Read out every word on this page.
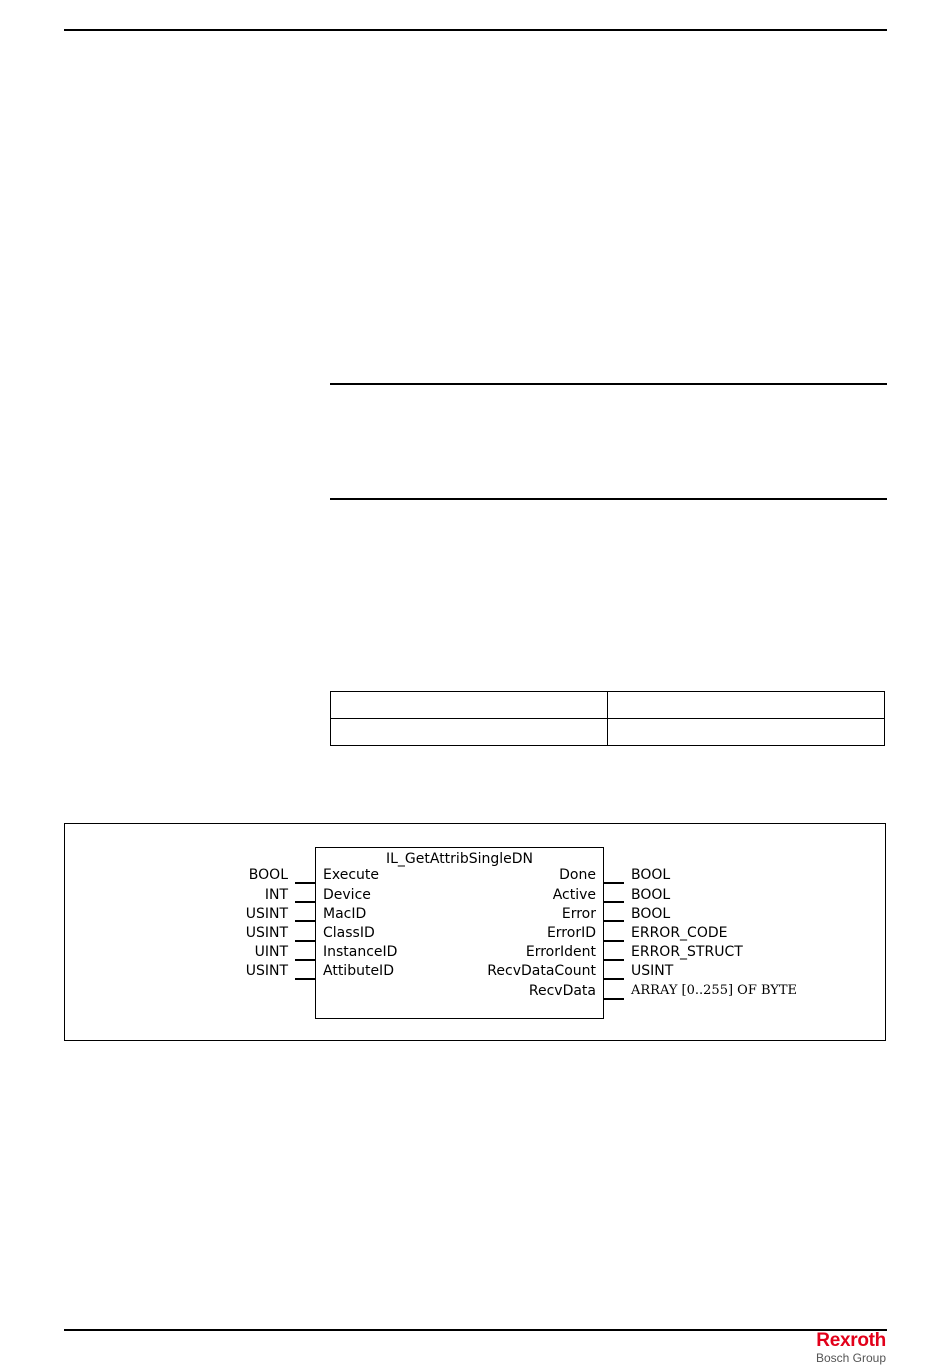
IL_GetAttribSingleDN
BOOL	Execute
INT	Device
USINT	MacID
USINT	ClassID
UINT	InstanceID
USINT	AttibuteID
Done	BOOL
Active	BOOL
Error	BOOL
ErrorID	ERROR_CODE
ErrorIdent	ERROR_STRUCT
RecvDataCount	USINT
RecvData	ARRAY [0..255] OF BYTE
Rexroth
Bosch Group
